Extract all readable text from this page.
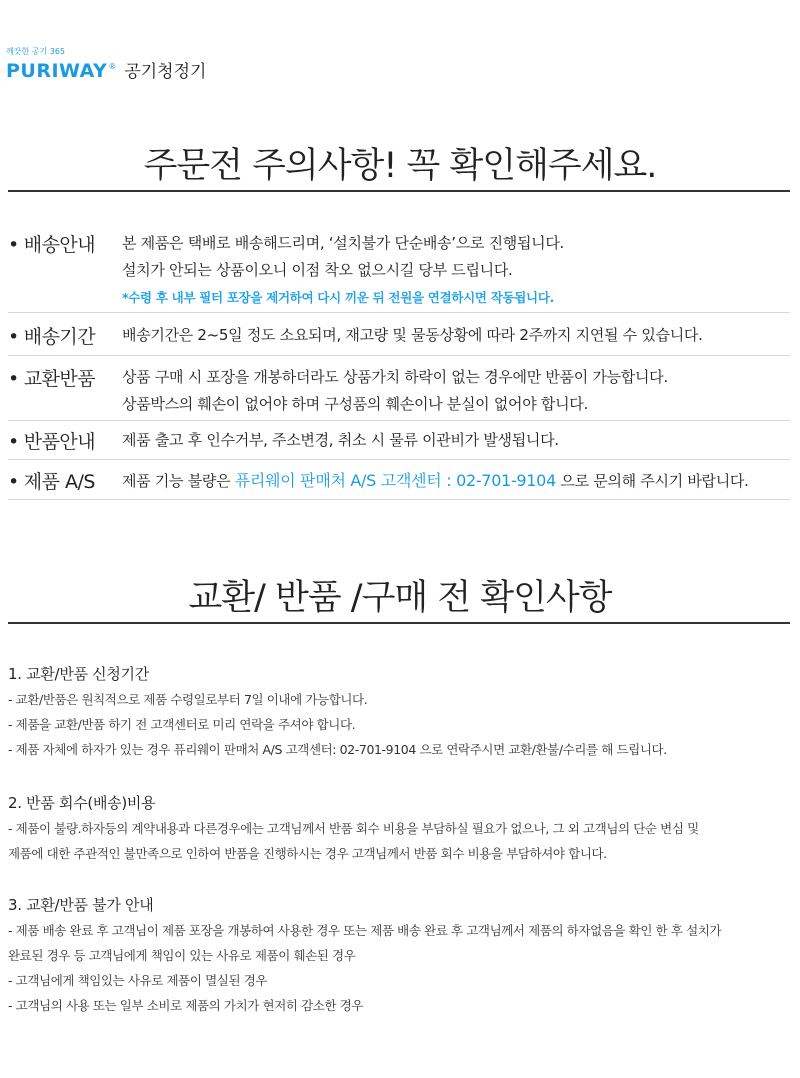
깨끗한 공기 365
PURIWAY ® 공기청정기
주문전 주의사항! 꼭 확인해주세요.
• 배송안내 본 제품은 택배로 배송해드리며, ‘설치불가 단순배송’으로 진행됩니다.
설치가 안되는 상품이오니 이점 착오 없으시길 당부 드립니다.
*수령 후 내부 필터 포장을 제거하여 다시 끼운 뒤 전원을 연결하시면 작동됩니다.
• 배송기간 배송기간은 2~5일 정도 소요되며, 재고량 및 물동상황에 따라 2주까지 지연될 수 있습니다.
• 교환반품 상품 구매 시 포장을 개봉하더라도 상품가치 하락이 없는 경우에만 반품이 가능합니다.
상품박스의 훼손이 없어야 하며 구성품의 훼손이나 분실이 없어야 합니다.
• 반품안내 제품 출고 후 인수거부, 주소변경, 취소 시 물류 이관비가 발생됩니다.
• 제품 A/S 제품 기능 불량은 퓨리웨이 판매처 A/S 고객센터 : 02-701-9104 으로 문의해 주시기 바랍니다.
교환/ 반품 /구매 전 확인사항
1. 교환/반품 신청기간
- 교환/반품은 원칙적으로 제품 수령일로부터 7일 이내에 가능합니다.
- 제품을 교환/반품 하기 전 고객센터로 미리 연락을 주셔야 합니다.
- 제품 자체에 하자가 있는 경우 퓨리웨이 판매처 A/S 고객센터: 02-701-9104 으로 연락주시면 교환/환불/수리를 해 드립니다.
2. 반품 회수(배송)비용
- 제품이 불량.하자등의 계약내용과 다른경우에는 고객님께서 반품 회수 비용을 부담하실 필요가 없으나, 그 외 고객님의 단순 변심 및
제품에 대한 주관적인 불만족으로 인하여 반품을 진행하시는 경우 고객님께서 반품 회수 비용을 부담하셔야 합니다.
3. 교환/반품 불가 안내
- 제품 배송 완료 후 고객님이 제품 포장을 개봉하여 사용한 경우 또는 제품 배송 완료 후 고객님께서 제품의 하자없음을 확인 한 후 설치가
완료된 경우 등 고객님에게 책임이 있는 사유로 제품이 훼손된 경우
- 고객님에게 책임있는 사유로 제품이 멸실된 경우
- 고객님의 사용 또는 일부 소비로 제품의 가치가 현저히 감소한 경우
